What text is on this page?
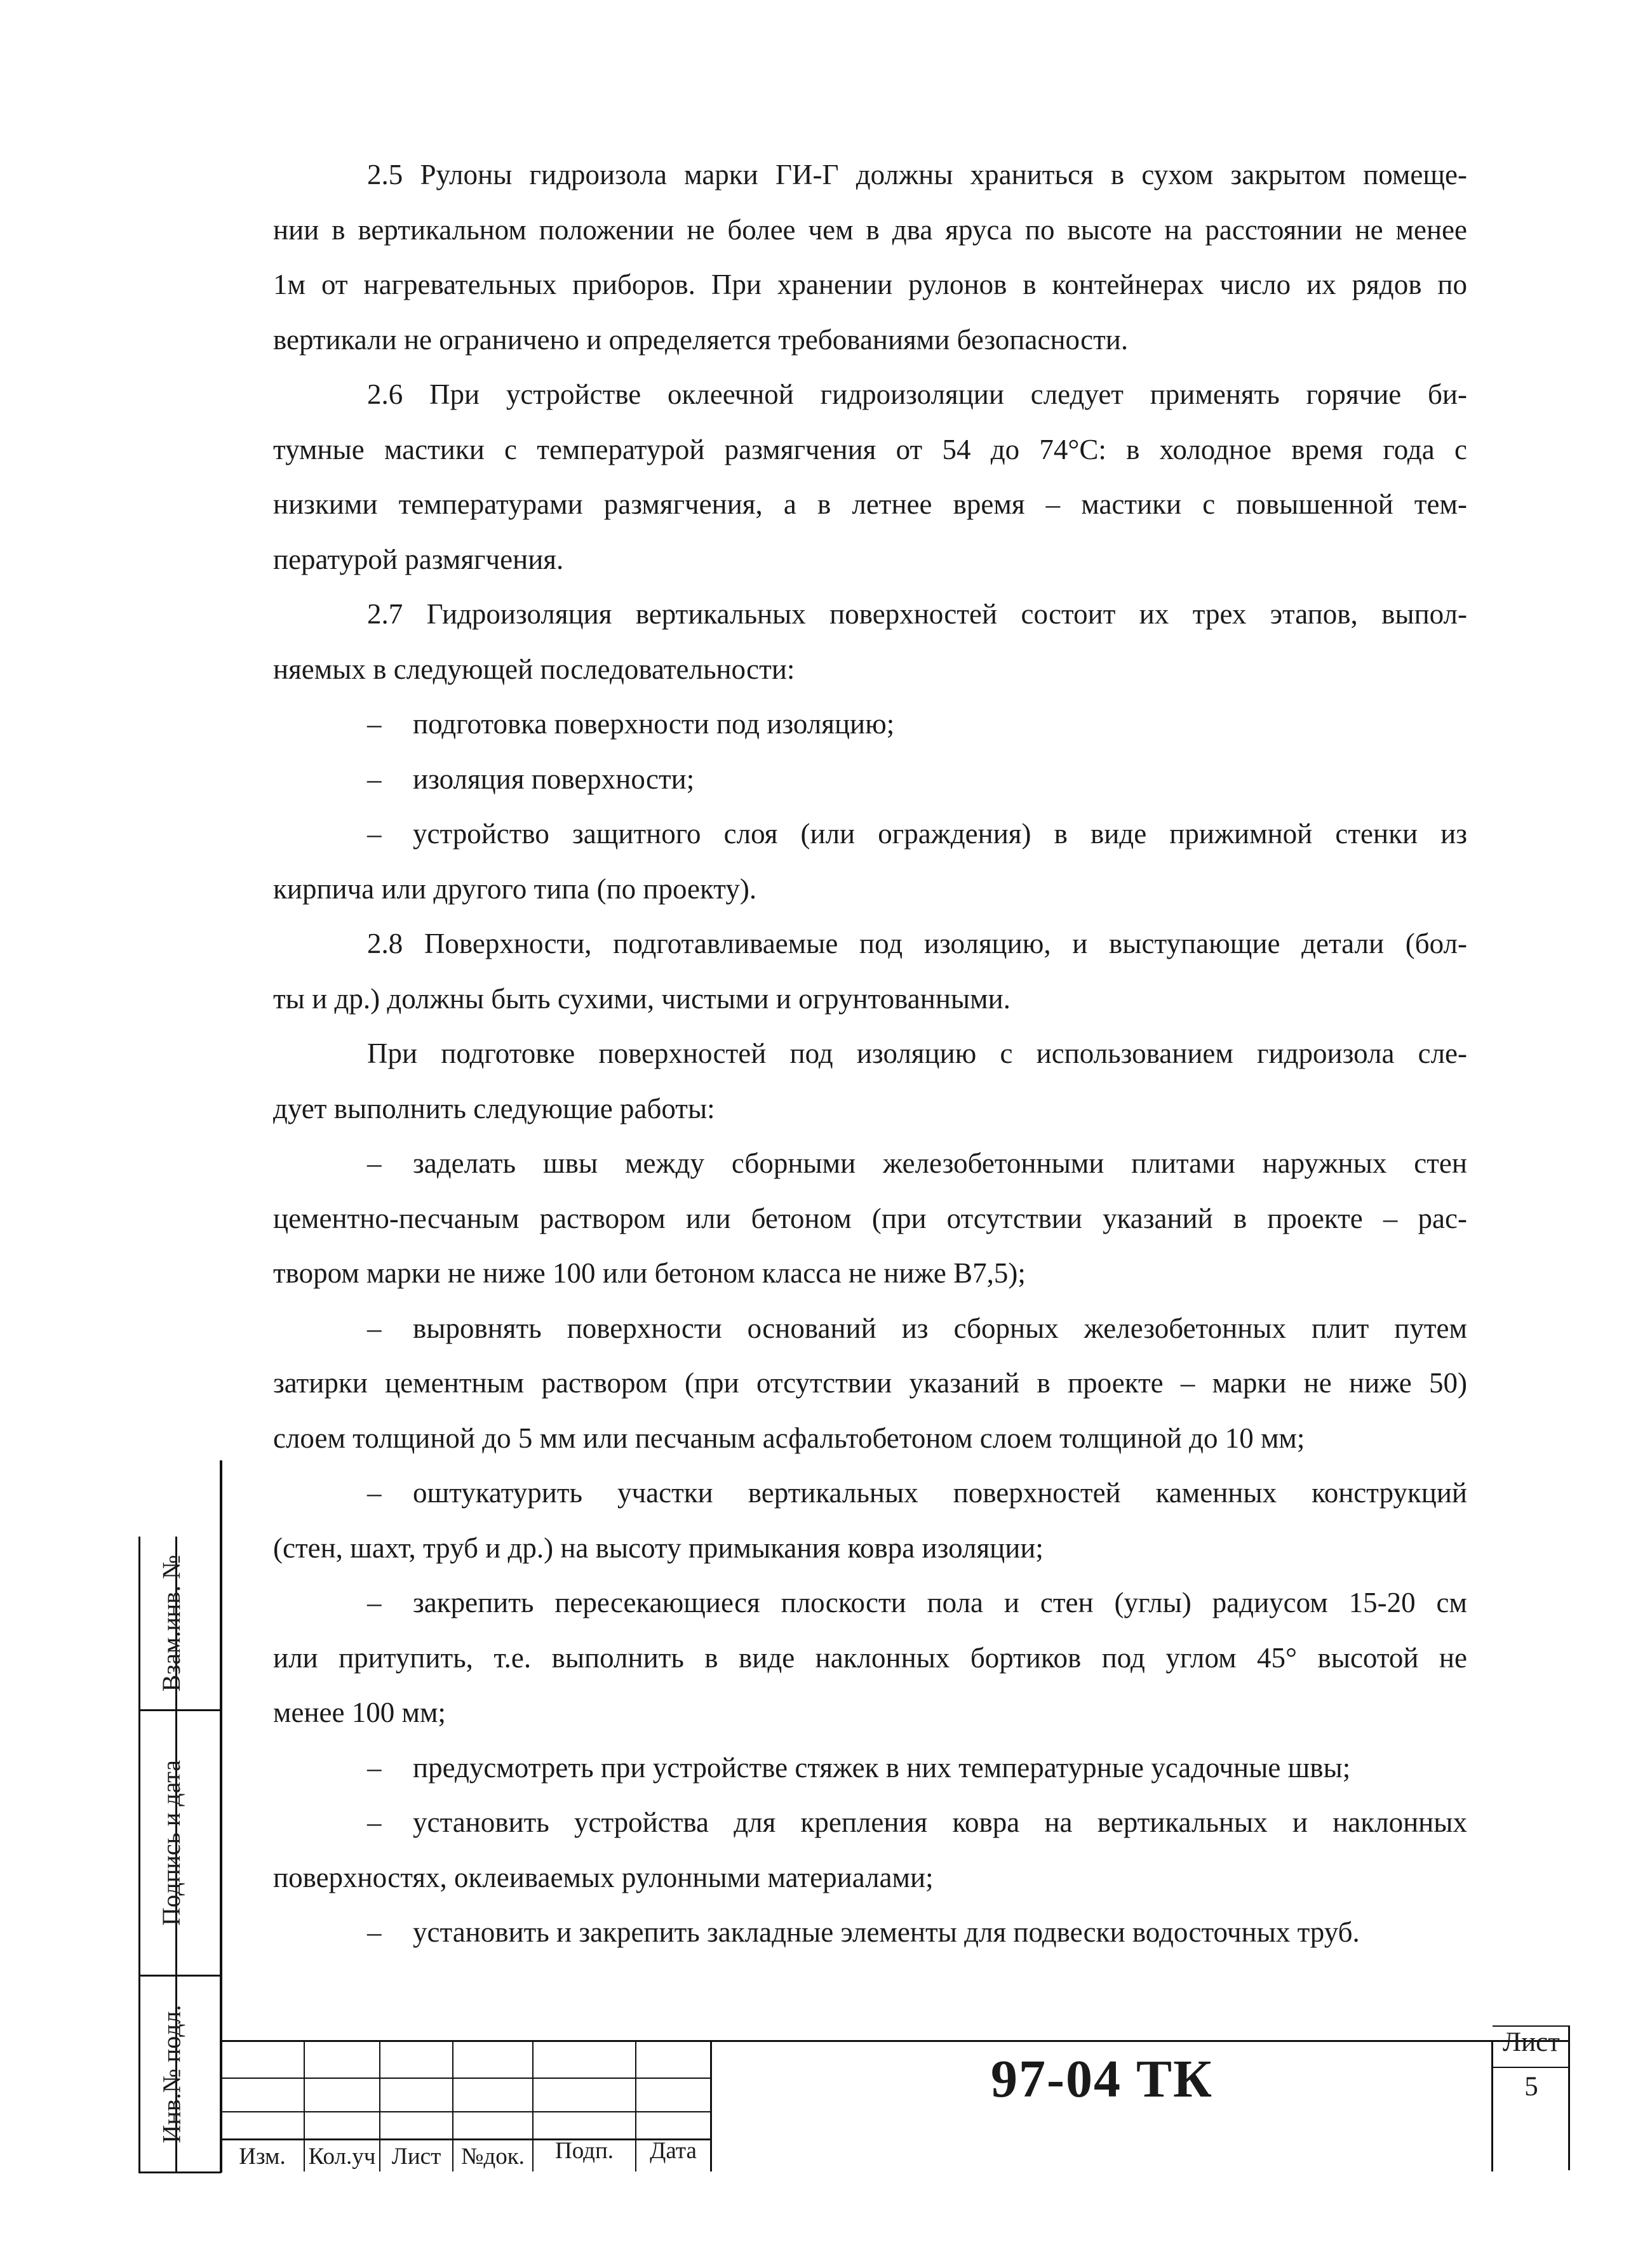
2.5 Рулоны гидроизола марки ГИ-Г должны храниться в сухом закрытом помеще-
нии в вертикальном положении не более чем в два яруса по высоте на расстоянии не менее
1м от нагревательных приборов. При хранении рулонов в контейнерах число их рядов по
вертикали не ограничено и определяется требованиями безопасности.
2.6 При устройстве оклеечной гидроизоляции следует применять горячие би-
тумные мастики с температурой размягчения от 54 до 74°С: в холодное время года с
низкими температурами размягчения, а в летнее время – мастики с повышенной тем-
пературой размягчения.
2.7 Гидроизоляция вертикальных поверхностей состоит их трех этапов, выпол-
няемых в следующей последовательности:
– подготовка поверхности под изоляцию;
– изоляция поверхности;
–	устройство защитного слоя (или ограждения) в виде прижимной стенки из
кирпича или другого типа (по проекту).
2.8 Поверхности, подготавливаемые под изоляцию, и выступающие детали (бол-
ты и др.) должны быть сухими, чистыми и огрунтованными.
При подготовке поверхностей под изоляцию с использованием гидроизола сле-
дует выполнить следующие работы:
–	заделать швы между сборными железобетонными плитами наружных стен
цементно-песчаным раствором или бетоном (при отсутствии указаний в проекте – рас-
твором марки не ниже 100 или бетоном класса не ниже В7,5);
–	выровнять поверхности оснований из сборных железобетонных плит путем
затирки цементным раствором (при отсутствии указаний в проекте – марки не ниже 50)
слоем толщиной до 5 мм или песчаным асфальтобетоном слоем толщиной до 10 мм;
–	оштукатурить участки вертикальных поверхностей каменных конструкций
(стен, шахт, труб и др.) на высоту примыкания ковра изоляции;
–	закрепить пересекающиеся плоскости пола и стен (углы) радиусом 15-20 см
или притупить, т.е. выполнить в виде наклонных бортиков под углом 45° высотой не
менее 100 мм;
– предусмотреть при устройстве стяжек в них температурные усадочные швы;
–	установить устройства для крепления ковра на вертикальных и наклонных
поверхностях, оклеиваемых рулонными материалами;
– установить и закрепить закладные элементы для подвески водосточных труб.
Взам.инв. №
Подпись и дата
Инв.№ подл.
Изм. Кол.уч Лист №док.	Подп.	Дата
97-04 ТК
Лист
5
